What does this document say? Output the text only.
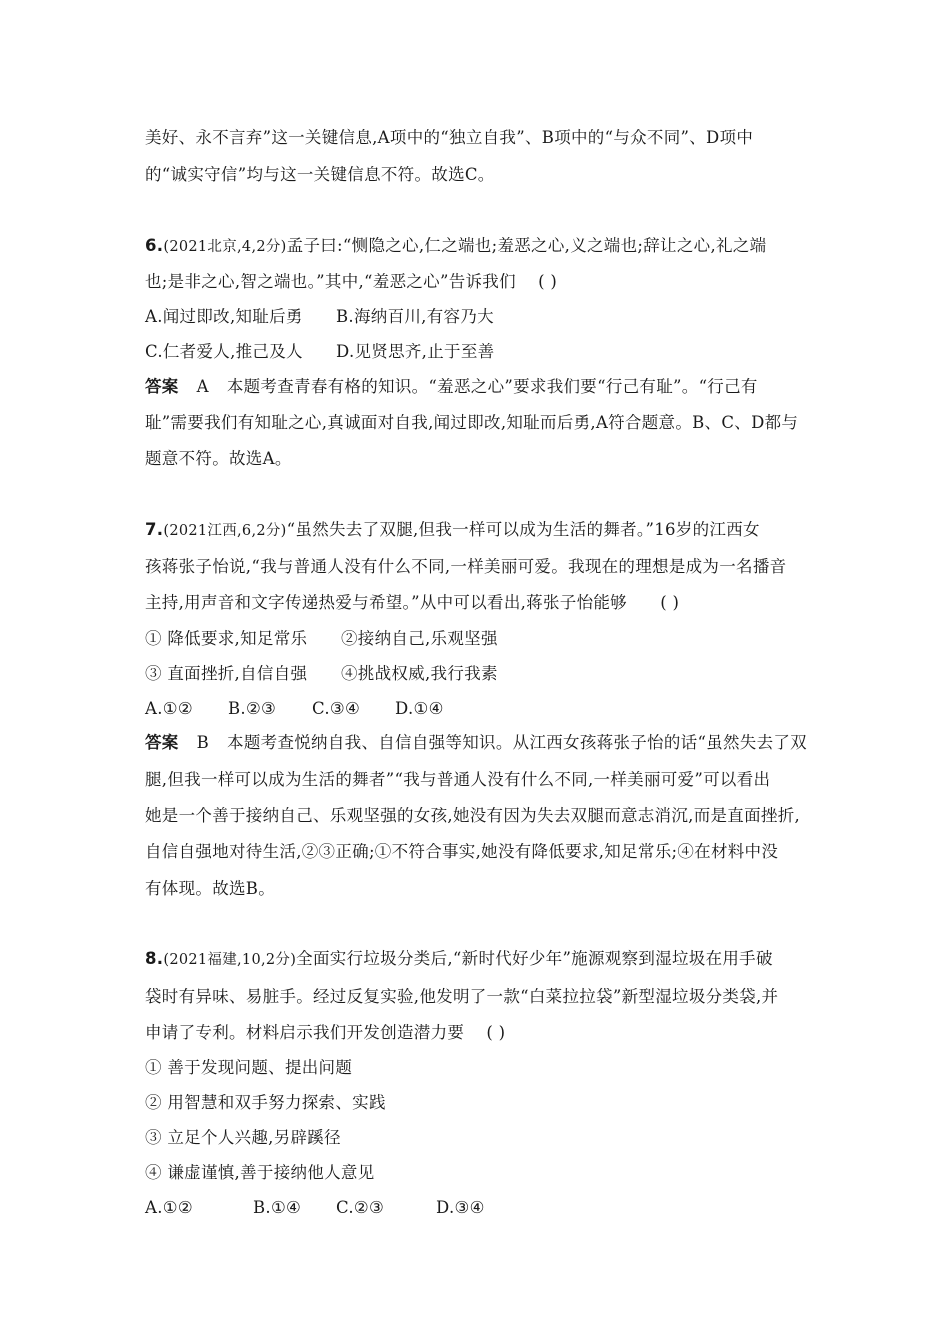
美好、永不言弃”这一关键信息,A项中的“独立自我”、B项中的“与众不同”、D项中
的“诚实守信”均与这一关键信息不符。故选C。
6.(2021北京,4,2分)孟子曰:“恻隐之心,仁之端也;羞恶之心,义之端也;辞让之心,礼之端
也;是非之心,智之端也。”其中,“羞恶之心”告诉我们 ( )
A.闻过即改,知耻后勇 B.海纳百川,有容乃大
C.仁者爱人,推己及人 D.见贤思齐,止于至善
答案 A 本题考查青春有格的知识。“羞恶之心”要求我们要“行己有耻”。“行己有
耻”需要我们有知耻之心,真诚面对自我,闻过即改,知耻而后勇,A符合题意。B、C、D都与
题意不符。故选A。
7.(2021江西,6,2分)“虽然失去了双腿,但我一样可以成为生活的舞者。”16岁的江西女
孩蒋张子怡说,“我与普通人没有什么不同,一样美丽可爱。我现在的理想是成为一名播音
主持,用声音和文字传递热爱与希望。”从中可以看出,蒋张子怡能够 ( )
① 降低要求,知足常乐 ②接纳自己,乐观坚强
③ 直面挫折,自信自强 ④挑战权威,我行我素
A.①② B.②③ C.③④ D.①④
答案 B 本题考查悦纳自我、自信自强等知识。从江西女孩蒋张子怡的话“虽然失去了双
腿,但我一样可以成为生活的舞者”“我与普通人没有什么不同,一样美丽可爱”可以看出
她是一个善于接纳自己、乐观坚强的女孩,她没有因为失去双腿而意志消沉,而是直面挫折,
自信自强地对待生活,②③正确;①不符合事实,她没有降低要求,知足常乐;④在材料中没
有体现。故选B。
8.(2021福建,10,2分)全面实行垃圾分类后,“新时代好少年”施源观察到湿垃圾在用手破
袋时有异味、易脏手。经过反复实验,他发明了一款“白菜拉拉袋”新型湿垃圾分类袋,并
申请了专利。材料启示我们开发创造潜力要 ( )
① 善于发现问题、提出问题
② 用智慧和双手努力探索、实践
③ 立足个人兴趣,另辟蹊径
④ 谦虚谨慎,善于接纳他人意见
A.①②	B.①④ C.②③	D.③④
